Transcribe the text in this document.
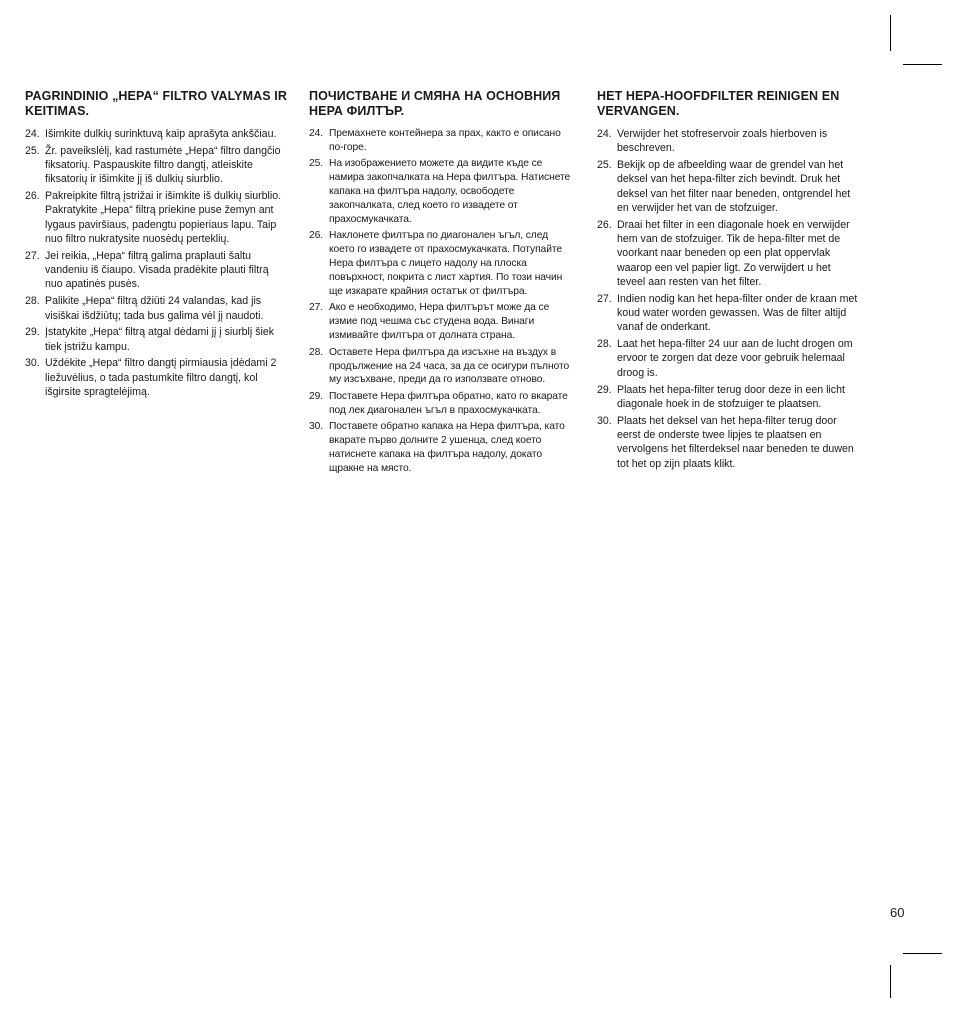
PAGRINDINIO „HEPA“ FILTRO VALYMAS IR KEITIMAS.
24. Išimkite dulkių surinktuvą kaip aprašyta ankščiau.
25. Žr. paveikslėlį, kad rastumėte „Hepa“ filtro dangčio fiksatorių. Paspauskite filtro dangtį, atleiskite fiksatorių ir išimkite jį iš dulkių siurblio.
26. Pakreipkite filtrą įstrižai ir išimkite iš dulkių siurblio. Pakratykite „Hepa“ filtrą priekine puse žemyn ant lygaus paviršiaus, padengtu popieriaus lapu. Taip nuo filtro nukratysite nuosėdų perteklių.
27. Jei reikia, „Hepa“ filtrą galima praplauti šaltu vandeniu iš čiaupo. Visada pradėkite plauti filtrą nuo apatinės pusės.
28. Palikite „Hepa“ filtrą džiūti 24 valandas, kad jis visiškai išdžiūtų; tada bus galima vėl jį naudoti.
29. Įstatykite „Hepa“ filtrą atgal dėdami jį į siurblį šiek tiek įstrižu kampu.
30. Uždėkite „Hepa“ filtro dangtį pirmiausia įdėdami 2 liežuvėlius, o tada pastumkite filtro dangtį, kol išgirsite spragtelėjimą.
ПОЧИСТВАНЕ И СМЯНА НА ОСНОВНИЯ НЕРА ФИЛТЪР.
24. Премахнете контейнера за прах, както е описано по-горе.
25. На изображението можете да видите къде се намира закопчалката на Hepa филтъра. Натиснете капака на филтъра надолу, освободете закопчалката, след което го извадете от прахосмукачката.
26. Наклонете филтъра по диагонален ъгъл, след което го извадете от прахосмукачката. Потупайте Hepa филтъра с лицето надолу на плоска повърхност, покрита с лист хартия. По този начин ще изкарате крайния остатък от филтъра.
27. Ако е необходимо, Hepa филтърът може да се измие под чешма със студена вода. Винаги измивайте филтъра от долната страна.
28. Оставете Hepa филтъра да изсъхне на въздух в продължение на 24 часа, за да се осигури пълното му изсъхване, преди да го използвате отново.
29. Поставете Hepa филтъра обратно, като го вкарате под лек диагонален ъгъл в прахосмукачката.
30. Поставете обратно капака на Hepa филтъра, като вкарате първо долните 2 ушенца, след което натиснете капака на филтъра надолу, докато щракне на място.
HET HEPA-HOOFDFILTER REINIGEN EN VERVANGEN.
24. Verwijder het stofreservoir zoals hierboven is beschreven.
25. Bekijk op de afbeelding waar de grendel van het deksel van het hepa-filter zich bevindt. Druk het deksel van het filter naar beneden, ontgrendel het en verwijder het van de stofzuiger.
26. Draai het filter in een diagonale hoek en verwijder hem van de stofzuiger. Tik de hepa-filter met de voorkant naar beneden op een plat oppervlak waarop een vel papier ligt. Zo verwijdert u het teveel aan resten van het filter.
27. Indien nodig kan het hepa-filter onder de kraan met koud water worden gewassen. Was de filter altijd vanaf de onderkant.
28. Laat het hepa-filter 24 uur aan de lucht drogen om ervoor te zorgen dat deze voor gebruik helemaal droog is.
29. Plaats het hepa-filter terug door deze in een licht diagonale hoek in de stofzuiger te plaatsen.
30. Plaats het deksel van het hepa-filter terug door eerst de onderste twee lipjes te plaatsen en vervolgens het filterdeksel naar beneden te duwen tot het op zijn plaats klikt.
60
